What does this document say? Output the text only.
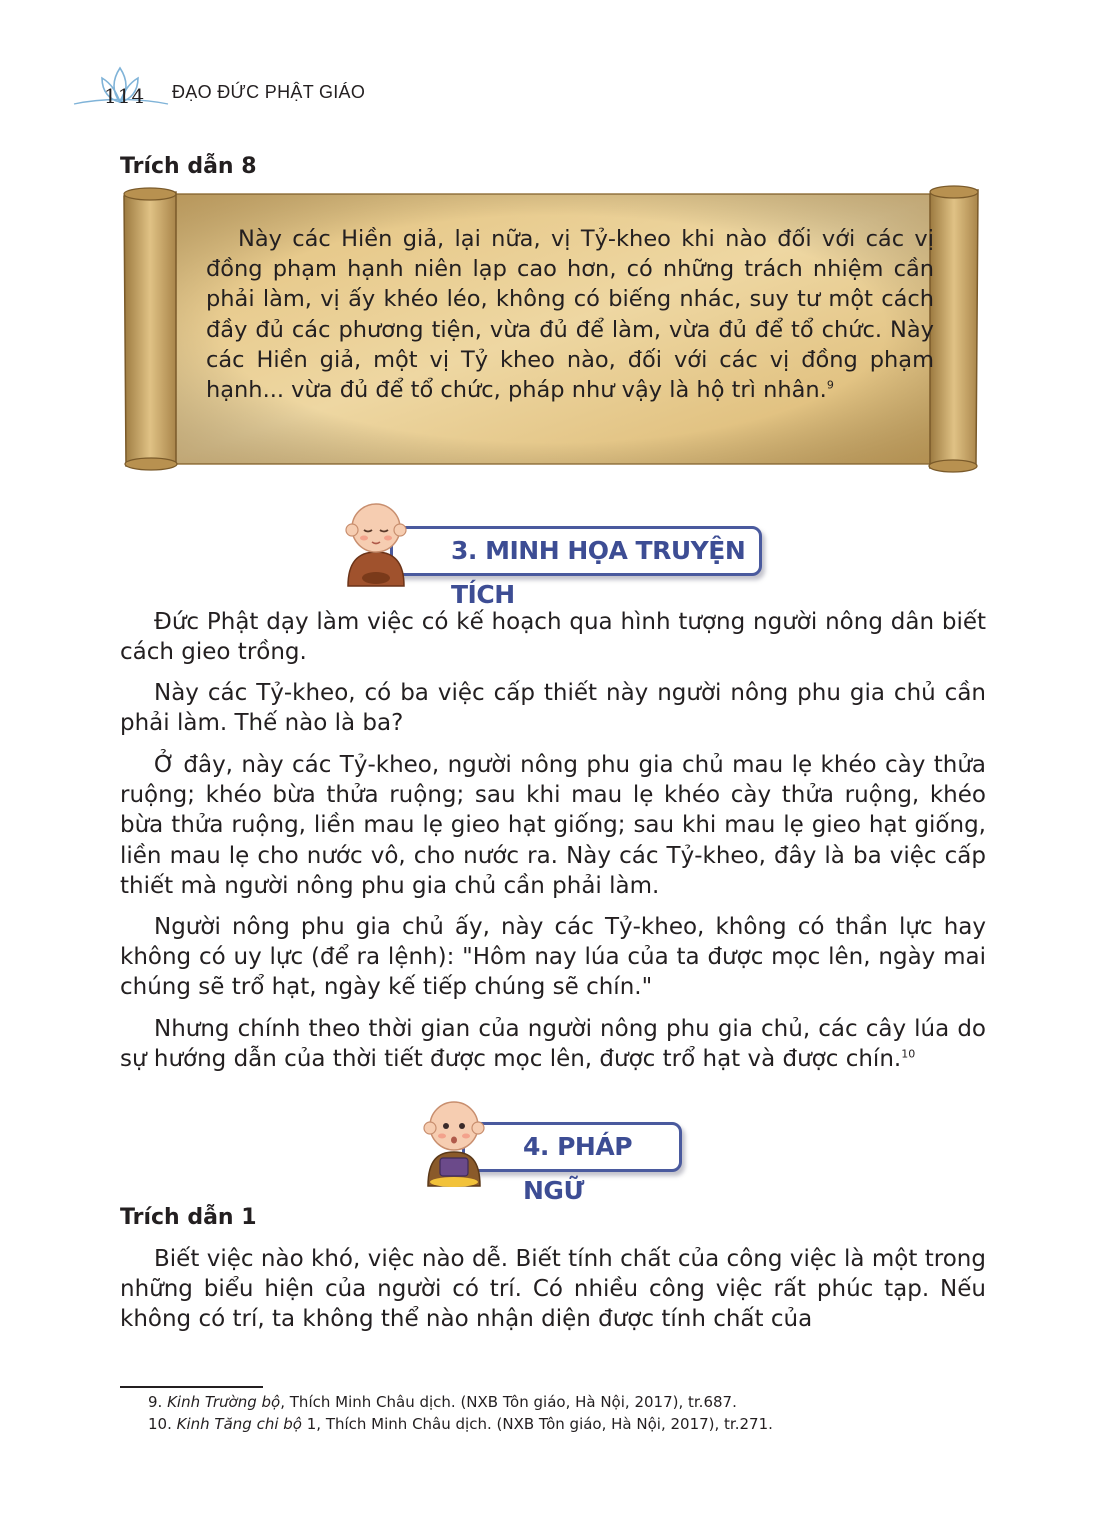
114 ĐẠO ĐỨC PHẬT GIÁO
Trích dẫn 8

Này các Hiền giả, lại nữa, vị Tỷ-kheo khi nào đối với các vị đồng phạm hạnh niên lạp cao hơn, có những trách nhiệm cần phải làm, vị ấy khéo léo, không có biếng nhác, suy tư một cách đầy đủ các phương tiện, vừa đủ để làm, vừa đủ để tổ chức. Này các Hiền giả, một vị Tỷ kheo nào, đối với các vị đồng phạm hạnh... vừa đủ để tổ chức, pháp như vậy là hộ trì nhân.$^9$

3. MINH HỌA TRUYỆN TÍCH

Đức Phật dạy làm việc có kế hoạch qua hình tượng người nông dân biết cách gieo trồng.

Này các Tỷ-kheo, có ba việc cấp thiết này người nông phu gia chủ cần phải làm. Thế nào là ba?

Ở đây, này các Tỷ-kheo, người nông phu gia chủ mau lẹ khéo cày thửa ruộng; khéo bừa thửa ruộng; sau khi mau lẹ khéo cày thửa ruộng, khéo bừa thửa ruộng, liền mau lẹ gieo hạt giống; sau khi mau lẹ gieo hạt giống, liền mau lẹ cho nước vô, cho nước ra. Này các Tỷ-kheo, đây là ba việc cấp thiết mà người nông phu gia chủ cần phải làm.

Người nông phu gia chủ ấy, này các Tỷ-kheo, không có thần lực hay không có uy lực (để ra lệnh): "Hôm nay lúa của ta được mọc lên, ngày mai chúng sẽ trổ hạt, ngày kế tiếp chúng sẽ chín."

Nhưng chính theo thời gian của người nông phu gia chủ, các cây lúa do sự hướng dẫn của thời tiết được mọc lên, được trổ hạt và được chín.$^{10}$

4. PHÁP NGỮ
Trích dẫn 1

Biết việc nào khó, việc nào dễ. Biết tính chất của công việc là một trong những biểu hiện của người có trí. Có nhiều công việc rất phúc tạp. Nếu không có trí, ta không thể nào nhận diện được tính chất của

9. Kinh Trường bộ, Thích Minh Châu dịch. (NXB Tôn giáo, Hà Nội, 2017), tr.687.
10. Kinh Tăng chi bộ 1, Thích Minh Châu dịch. (NXB Tôn giáo, Hà Nội, 2017), tr.271.
